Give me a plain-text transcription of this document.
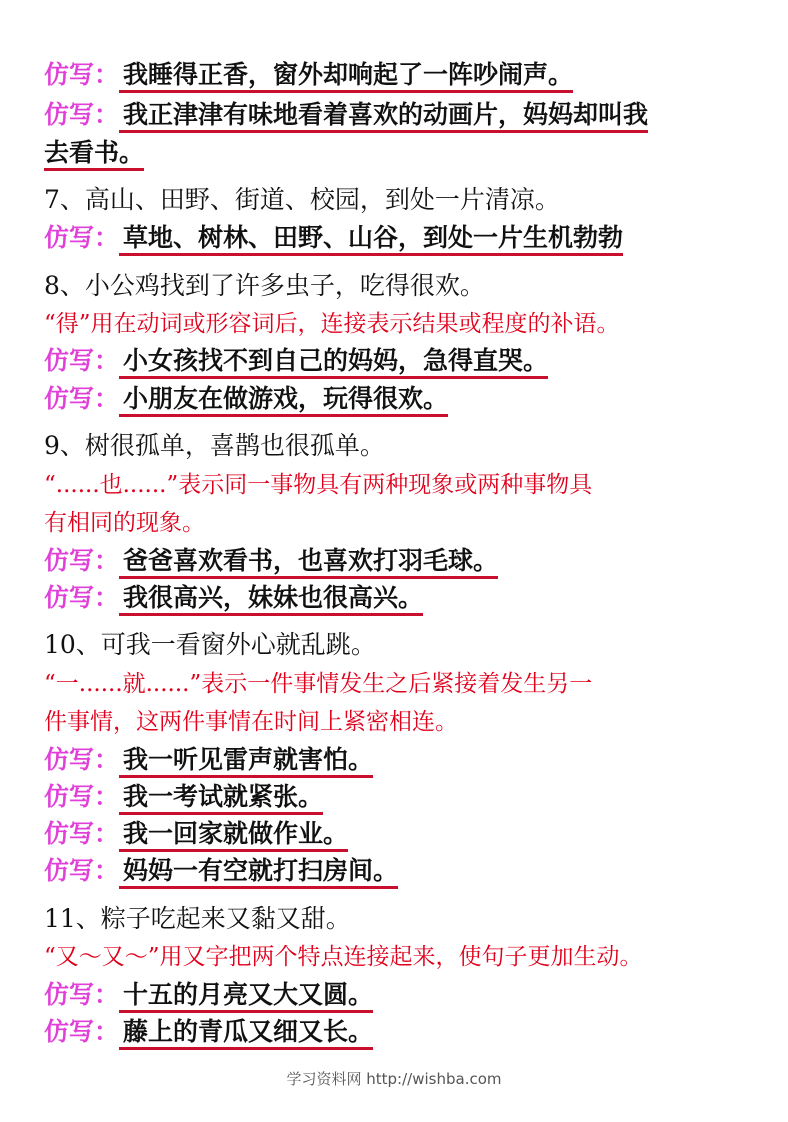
仿写： 我睡得正香，窗外却响起了一阵吵闹声。
仿写： 我正津津有味地看着喜欢的动画片，妈妈却叫我
去看书。
7、高山、田野、街道、校园，到处一片清凉。
仿写： 草地、树林、田野、山谷，到处一片生机勃勃
8、小公鸡找到了许多虫子，吃得很欢。
“得”用在动词或形容词后，连接表示结果或程度的补语。
仿写： 小女孩找不到自己的妈妈，急得直哭。
仿写： 小朋友在做游戏，玩得很欢。
9、树很孤单，喜鹊也很孤单。
“......也......”表示同一事物具有两种现象或两种事物具
有相同的现象。
仿写： 爸爸喜欢看书，也喜欢打羽毛球。
仿写： 我很高兴，妹妹也很高兴。
10、可我一看窗外心就乱跳。
“一......就......”表示一件事情发生之后紧接着发生另一
件事情，这两件事情在时间上紧密相连。
仿写： 我一听见雷声就害怕。
仿写： 我一考试就紧张。
仿写： 我一回家就做作业。
仿写： 妈妈一有空就打扫房间。
11、粽子吃起来又黏又甜。
“又～又～”用又字把两个特点连接起来，使句子更加生动。
仿写： 十五的月亮又大又圆。
仿写： 藤上的青瓜又细又长。
学习资料网 http://wishba.com
